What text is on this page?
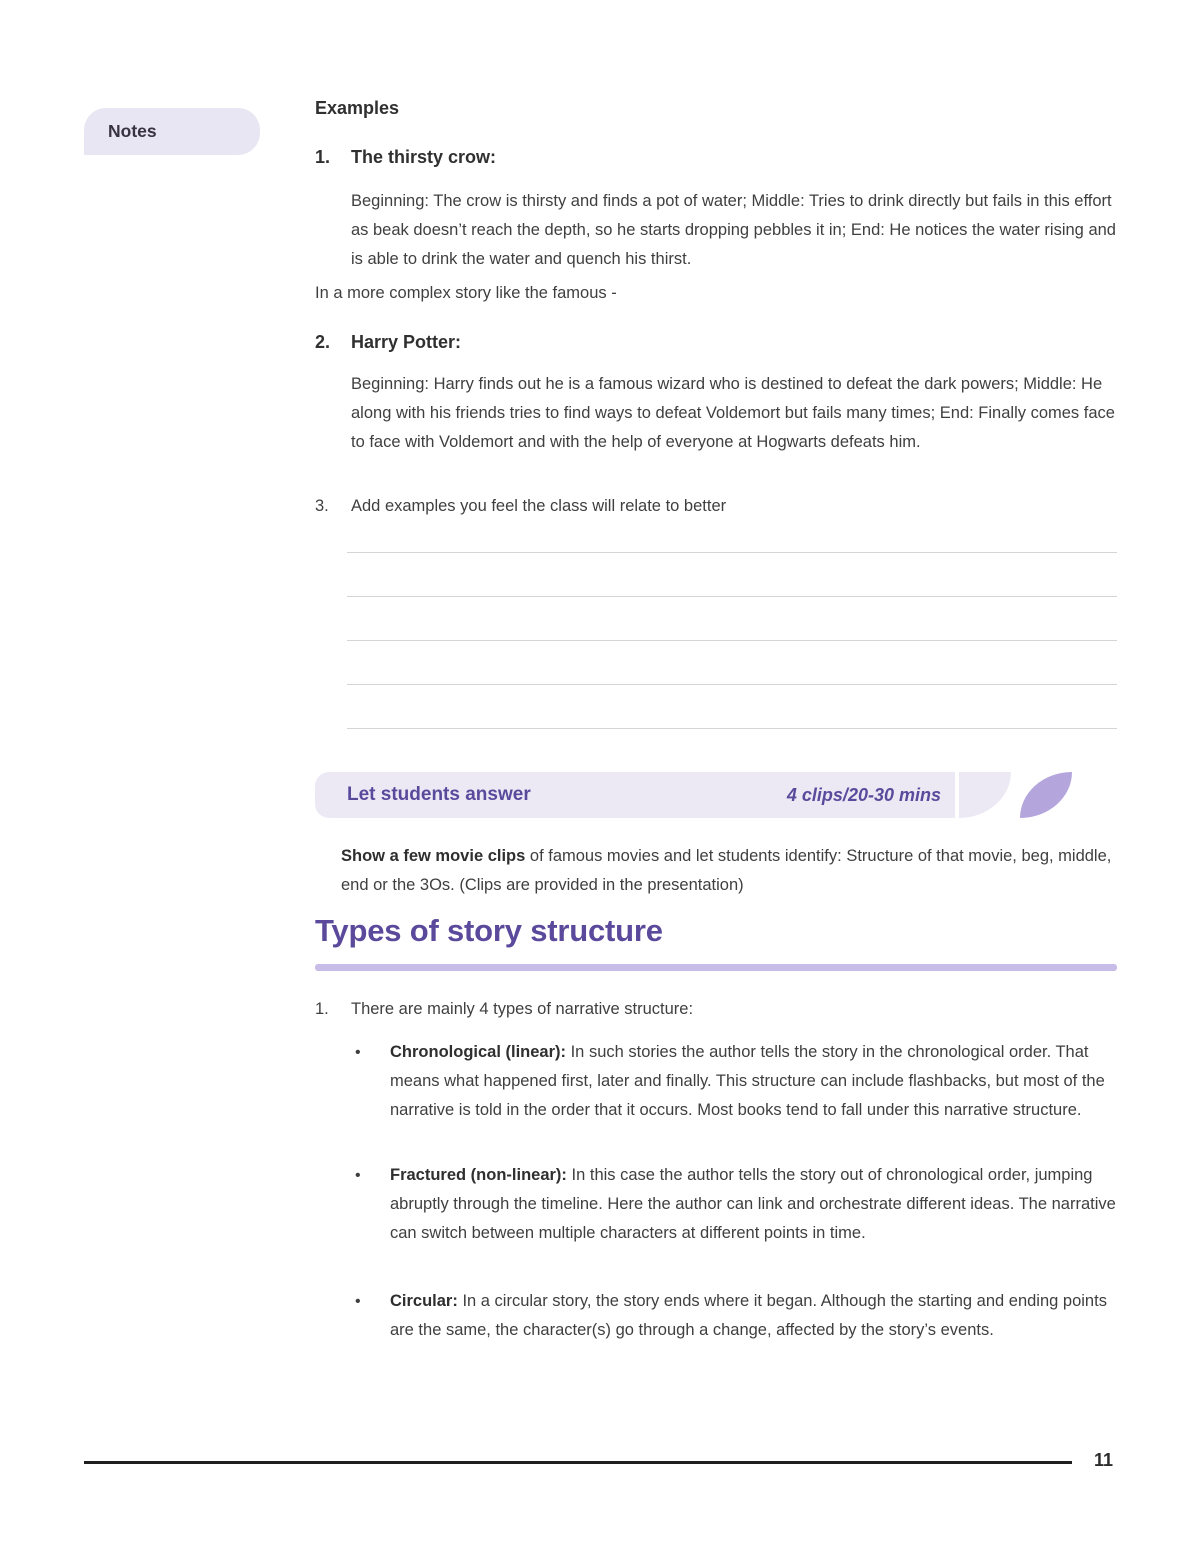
Notes
Examples
1.	The thirsty crow:

Beginning: The crow is thirsty and finds a pot of water; Middle: Tries to drink directly but fails in this effort as beak doesn’t reach the depth, so he starts dropping pebbles it in; End: He notices the water rising and is able to drink the water and quench his thirst.

In a more complex story like the famous -

2.	Harry Potter:

Beginning: Harry finds out he is a famous wizard who is destined to defeat the dark powers; Middle: He along with his friends tries to find ways to defeat Voldemort but fails many times; End: Finally comes face to face with Voldemort and with the help of everyone at Hogwarts defeats him.

3.	Add examples you feel the class will relate to better
Let students answer	4 clips/20-30 mins

Show a few movie clips of famous movies and let students identify: Structure of that movie, beg, middle, end or the 3Os. (Clips are provided in the presentation)

Types of story structure
1.	There are mainly 4 types of narrative structure:
•	Chronological (linear): In such stories the author tells the story in the chronological order. That means what happened first, later and finally. This structure can include flashbacks, but most of the narrative is told in the order that it occurs. Most books tend to fall under this narrative structure.
•	Fractured (non-linear): In this case the author tells the story out of chronological order, jumping abruptly through the timeline. Here the author can link and orchestrate different ideas. The narrative can switch between multiple characters at different points in time.
•	Circular: In a circular story, the story ends where it began. Although the starting and ending points are the same, the character(s) go through a change, affected by the story’s events.
11
